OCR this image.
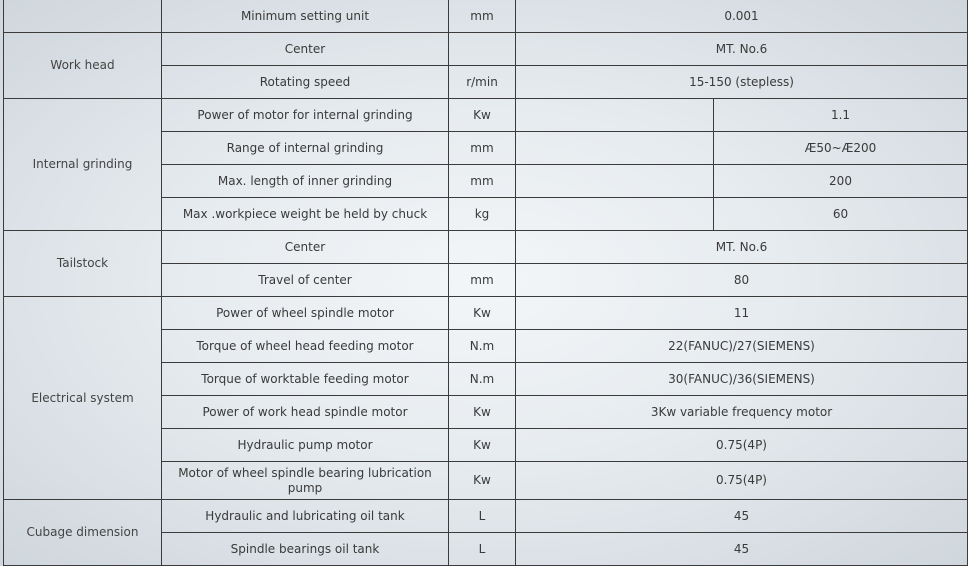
	Minimum setting unit	mm	0.001	
Work head	Center		MT. No.6	
	Rotating speed	r/min	15-150 (stepless)	
Internal grinding	Power of motor for internal grinding	Kw		1.1
	Range of internal grinding	mm		Æ50~Æ200
	Max. length of inner grinding	mm		200
	Max .workpiece weight be held by chuck	kg		60
Tailstock	Center		MT. No.6	
	Travel of center	mm	80	
Electrical system	Power of wheel spindle motor	Kw	11	
	Torque of wheel head feeding motor	N.m	22(FANUC)/27(SIEMENS)	
	Torque of worktable feeding motor	N.m	30(FANUC)/36(SIEMENS)	
	Power of work head spindle motor	Kw	3Kw variable frequency motor	
	Hydraulic pump motor	Kw	0.75(4P)	
	Motor of wheel spindle bearing lubrication pump	Kw	0.75(4P)	
Cubage dimension	Hydraulic and lubricating oil tank	L	45	
	Spindle bearings oil tank	L	45	
